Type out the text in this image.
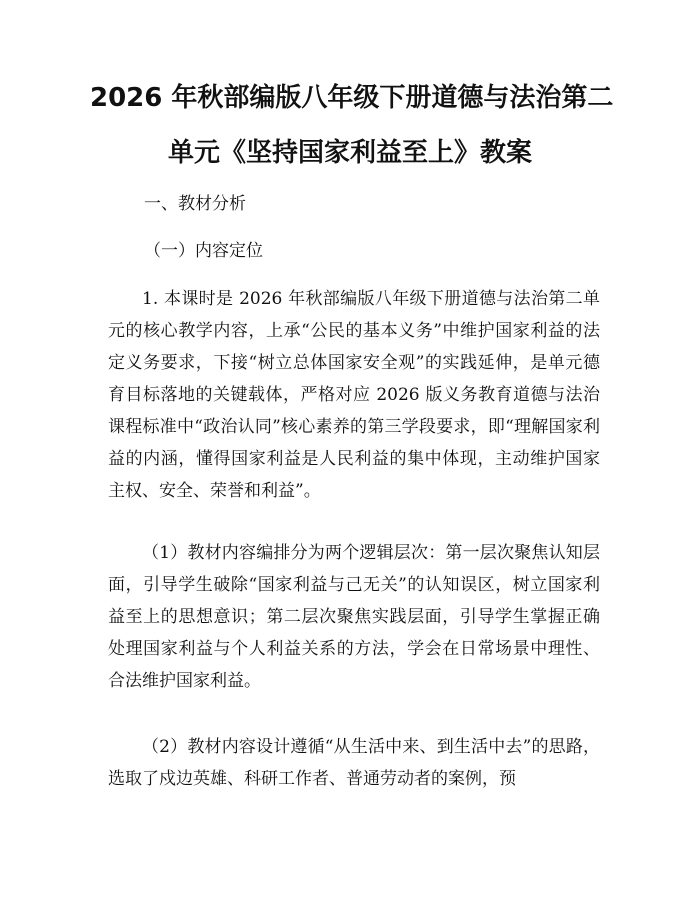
2026 年秋部编版八年级下册道德与法治第二
单元《坚持国家利益至上》教案
一、教材分析
（一）内容定位

1. 本课时是 2026 年秋部编版八年级下册道德与法治第二单元的核心教学内容，上承“公民的基本义务”中维护国家利益的法定义务要求，下接“树立总体国家安全观”的实践延伸，是单元德育目标落地的关键载体，严格对应 2026 版义务教育道德与法治课程标准中“政治认同”核心素养的第三学段要求，即“理解国家利益的内涵，懂得国家利益是人民利益的集中体现，主动维护国家主权、安全、荣誉和利益”。

（1）教材内容编排分为两个逻辑层次：第一层次聚焦认知层面，引导学生破除“国家利益与己无关”的认知误区，树立国家利益至上的思想意识；第二层次聚焦实践层面，引导学生掌握正确处理国家利益与个人利益关系的方法，学会在日常场景中理性、合法维护国家利益。

（2）教材内容设计遵循“从生活中来、到生活中去”的思路，选取了戍边英雄、科研工作者、普通劳动者的案例，预
